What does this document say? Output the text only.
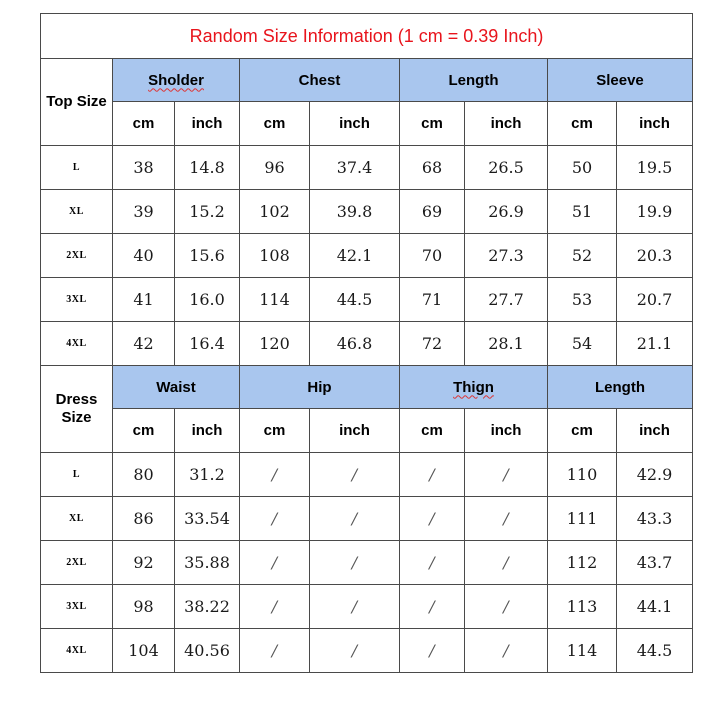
Random Size Information (1 cm = 0.39 Inch)								
Top Size	Sholder		Chest		Length		Sleeve	
	cm	inch	cm	inch	cm	inch	cm	inch
L	38	14.8	96	37.4	68	26.5	50	19.5
XL	39	15.2	102	39.8	69	26.9	51	19.9
2XL	40	15.6	108	42.1	70	27.3	52	20.3
3XL	41	16.0	114	44.5	71	27.7	53	20.7
4XL	42	16.4	120	46.8	72	28.1	54	21.1
Dress Size	Waist		Hip		Thign		Length	
	cm	inch	cm	inch	cm	inch	cm	inch
L	80	31.2	/	/	/	/	110	42.9
XL	86	33.54	/	/	/	/	111	43.3
2XL	92	35.88	/	/	/	/	112	43.7
3XL	98	38.22	/	/	/	/	113	44.1
4XL	104	40.56	/	/	/	/	114	44.5
